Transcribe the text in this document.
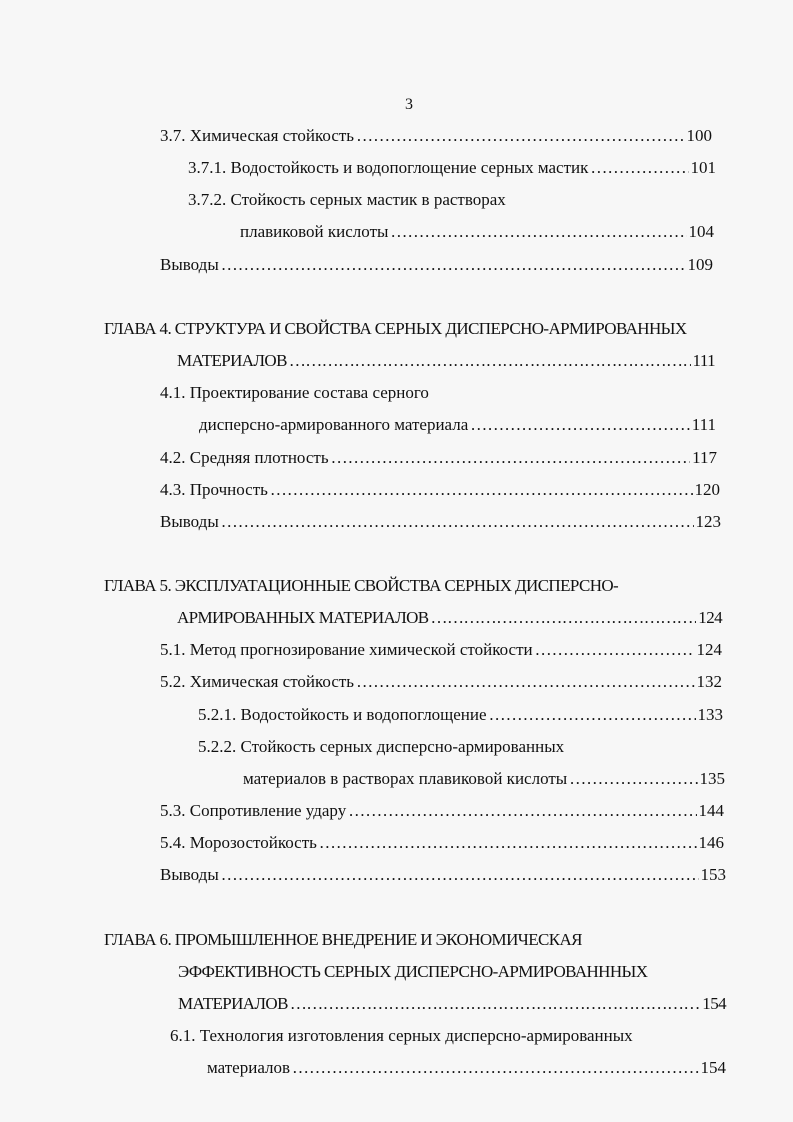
3
3.7. Химическая стойкость ……………………………………………………………………………………………………………………………………………………………………	100
3.7.1. Водостойкость и водопоглощение серных мастик ……………………………………………………………………………………………………………………………………………………………………	101
3.7.2. Стойкость серных мастик в растворах
плавиковой кислоты ……………………………………………………………………………………………………………………………………………………………………	104
Выводы ……………………………………………………………………………………………………………………………………………………………………	109
ГЛАВА 4. СТРУКТУРА И СВОЙСТВА СЕРНЫХ ДИСПЕРСНО-АРМИРОВАННЫХ
МАТЕРИАЛОВ ……………………………………………………………………………………………………………………………………………………………………	111
4.1. Проектирование состава серного
дисперсно-армированного материала ……………………………………………………………………………………………………………………………………………………………………	111
4.2. Средняя плотность ……………………………………………………………………………………………………………………………………………………………………	117
4.3. Прочность ……………………………………………………………………………………………………………………………………………………………………	120
Выводы ……………………………………………………………………………………………………………………………………………………………………	123
ГЛАВА 5. ЭКСПЛУАТАЦИОННЫЕ СВОЙСТВА СЕРНЫХ ДИСПЕРСНО-
АРМИРОВАННЫХ МАТЕРИАЛОВ ……………………………………………………………………………………………………………………………………………………………………	124
5.1. Метод прогнозирование химической стойкости ……………………………………………………………………………………………………………………………………………………………………	124
5.2. Химическая стойкость ……………………………………………………………………………………………………………………………………………………………………	132
5.2.1. Водостойкость и водопоглощение ……………………………………………………………………………………………………………………………………………………………………	133
5.2.2. Стойкость серных дисперсно-армированных
материалов в растворах плавиковой кислоты ……………………………………………………………………………………………………………………………………………………………………	135
5.3. Сопротивление удару ……………………………………………………………………………………………………………………………………………………………………	144
5.4. Морозостойкость ……………………………………………………………………………………………………………………………………………………………………	146
Выводы ……………………………………………………………………………………………………………………………………………………………………	153
ГЛАВА 6. ПРОМЫШЛЕННОЕ ВНЕДРЕНИЕ И ЭКОНОМИЧЕСКАЯ
ЭФФЕКТИВНОСТЬ СЕРНЫХ ДИСПЕРСНО-АРМИРОВАНННЫХ
МАТЕРИАЛОВ ……………………………………………………………………………………………………………………………………………………………………	154
6.1. Технология изготовления серных дисперсно-армированных
материалов ……………………………………………………………………………………………………………………………………………………………………	154
